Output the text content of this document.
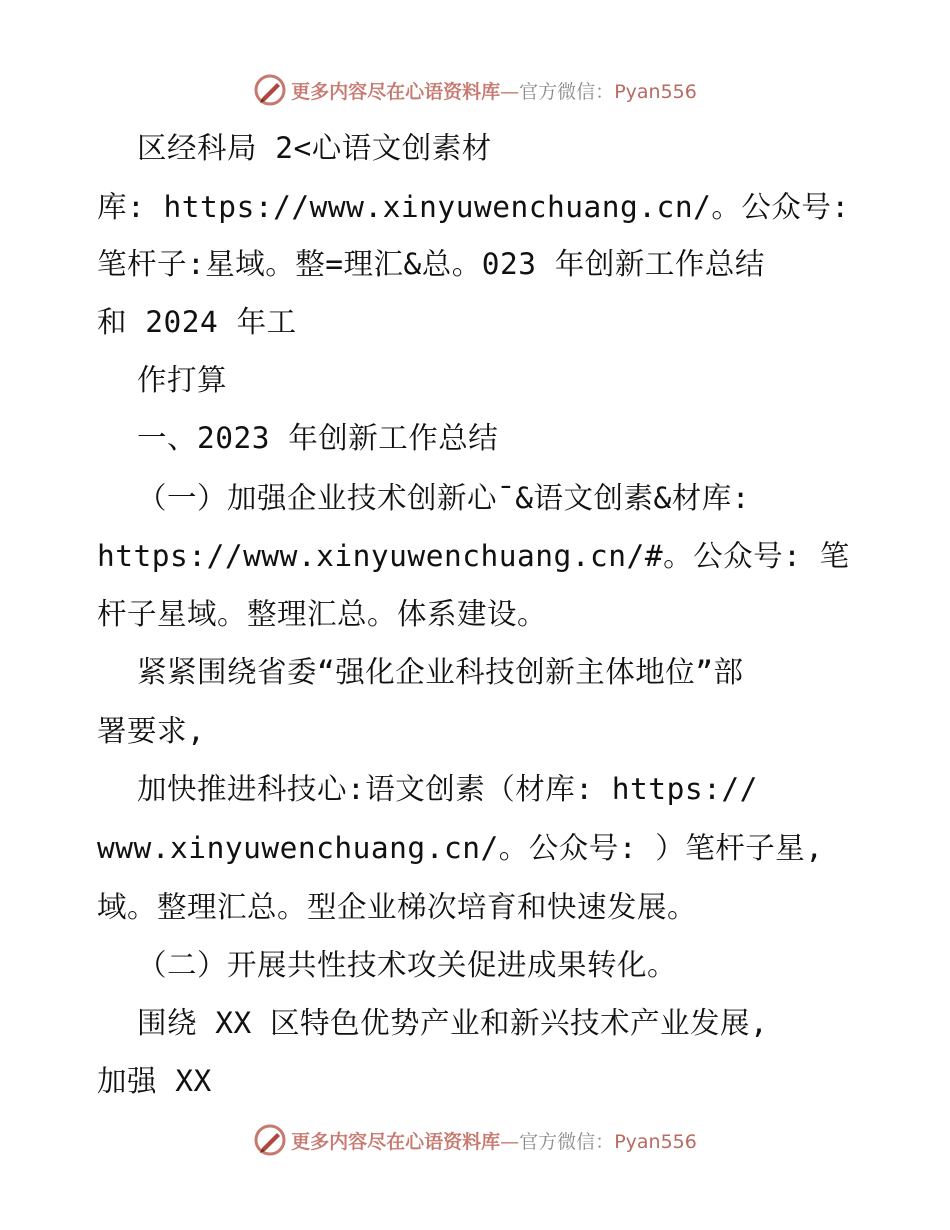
更多内容尽在心语资料库—官方微信：Pyan556
区经科局 2<心语文创素材
库: https://www.xinyuwenchuang.cn/。公众号:
笔杆子:星域。整=理汇&总。023 年创新工作总结
和 2024 年工
作打算
一、2023 年创新工作总结
（一）加强企业技术创新心¯&语文创素&材库:
https://www.xinyuwenchuang.cn/#。公众号: 笔
杆子星域。整理汇总。体系建设。
紧紧围绕省委“强化企业科技创新主体地位”部
署要求,
加快推进科技心:语文创素（材库: https://
www.xinyuwenchuang.cn/。公众号: ）笔杆子星,
域。整理汇总。型企业梯次培育和快速发展。
（二）开展共性技术攻关促进成果转化。
围绕 XX 区特色优势产业和新兴技术产业发展,
加强 XX
更多内容尽在心语资料库—官方微信：Pyan556
